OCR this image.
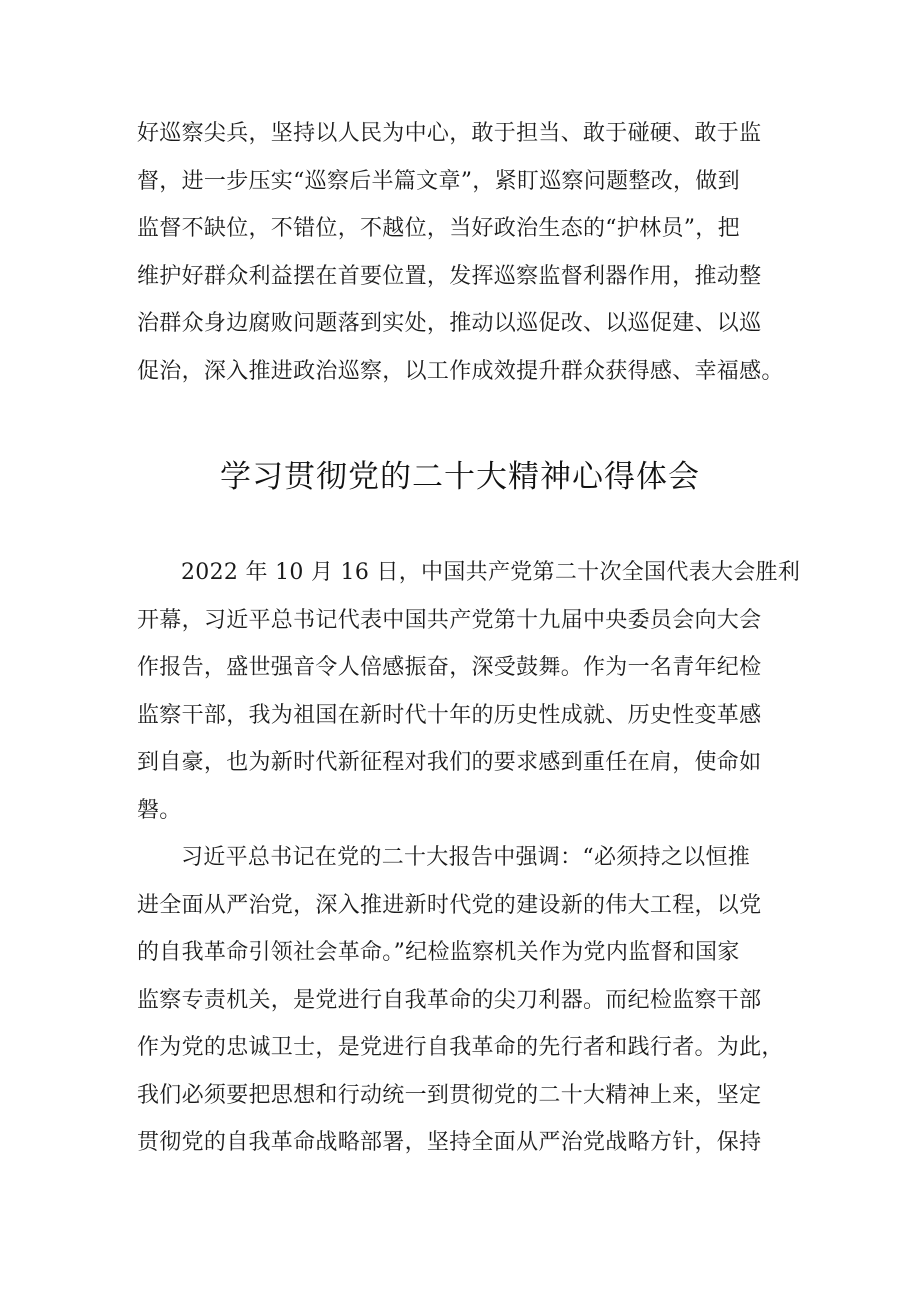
好巡察尖兵，坚持以人民为中心，敢于担当、敢于碰硬、敢于监
督，进一步压实“巡察后半篇文章”，紧盯巡察问题整改，做到
监督不缺位，不错位，不越位，当好政治生态的“护林员”，把
维护好群众利益摆在首要位置，发挥巡察监督利器作用，推动整
治群众身边腐败问题落到实处，推动以巡促改、以巡促建、以巡
促治，深入推进政治巡察，以工作成效提升群众获得感、幸福感。
学习贯彻党的二十大精神心得体会
2022 年 10 月 16 日，中国共产党第二十次全国代表大会胜利
开幕，习近平总书记代表中国共产党第十九届中央委员会向大会
作报告，盛世强音令人倍感振奋，深受鼓舞。作为一名青年纪检
监察干部，我为祖国在新时代十年的历史性成就、历史性变革感
到自豪，也为新时代新征程对我们的要求感到重任在肩，使命如
磐。
习近平总书记在党的二十大报告中强调：“必须持之以恒推
进全面从严治党，深入推进新时代党的建设新的伟大工程，以党
的自我革命引领社会革命。”纪检监察机关作为党内监督和国家
监察专责机关，是党进行自我革命的尖刀利器。而纪检监察干部
作为党的忠诚卫士，是党进行自我革命的先行者和践行者。为此，
我们必须要把思想和行动统一到贯彻党的二十大精神上来，坚定
贯彻党的自我革命战略部署，坚持全面从严治党战略方针，保持
